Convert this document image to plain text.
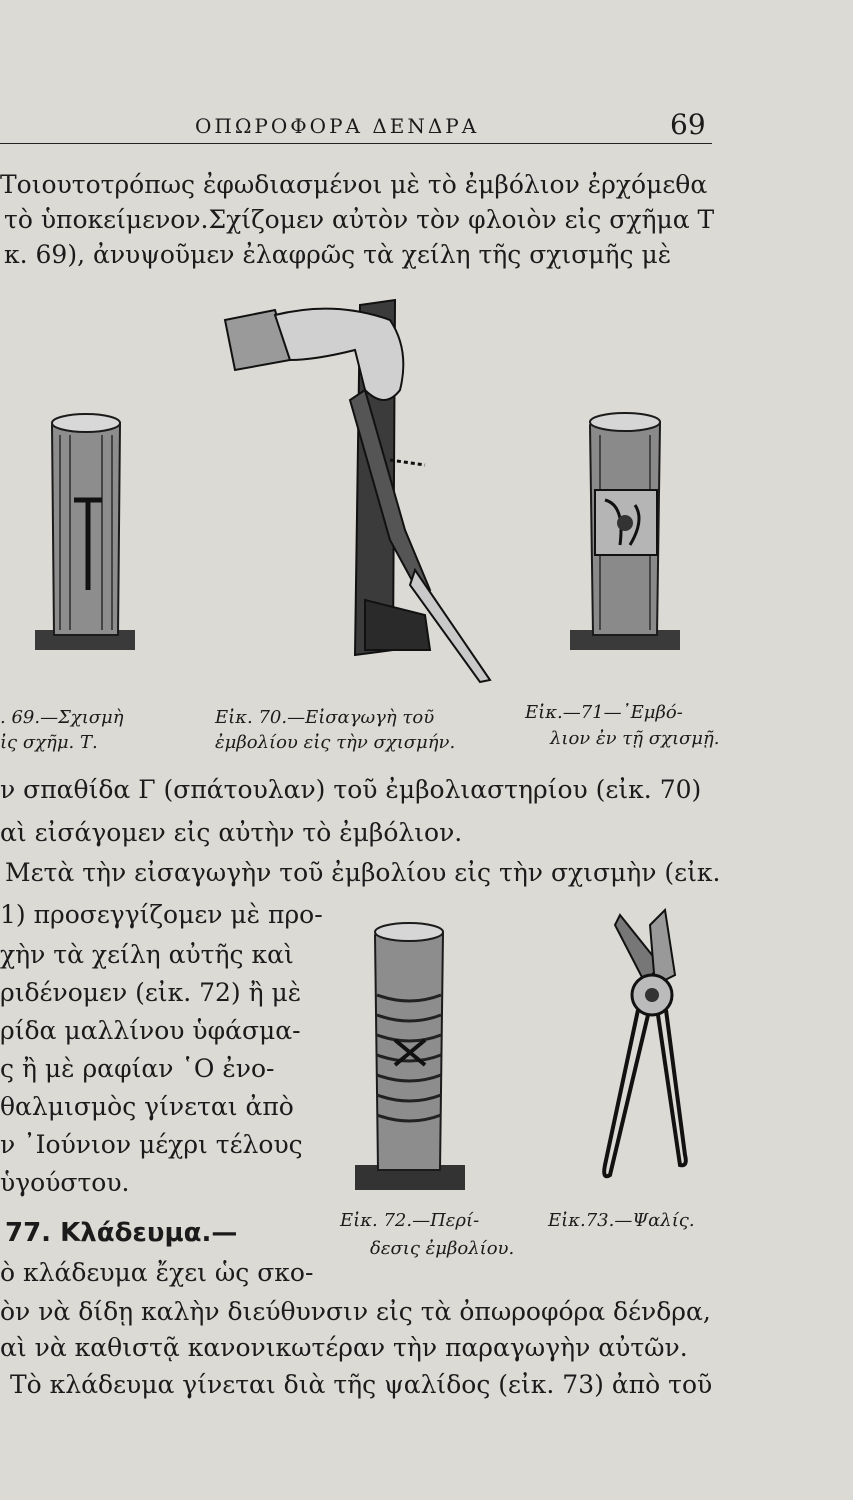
ΟΠΩΡΟΦΟΡΑ ΔΕΝΔΡΑ	69
Τοιουτοτρόπως ἐφωδιασμένοι μὲ τὸ ἐμβόλιον ἐρχόμεθα
τὸ ὑποκείμενον.Σχίζομεν αὐτὸν τὸν φλοιὸν εἰς σχῆμα Τ
κ. 69), ἀνυψοῦμεν ἐλαφρῶς τὰ χείλη τῆς σχισμῆς μὲ
. 69.—Σχισμὴ
ἰς σχῆμ. Τ.
Εἰκ. 70.—Εἰσαγωγὴ τοῦ
ἐμβολίου εἰς τὴν σχισμήν.
Εἰκ.—71—᾿Εμβό-
λιον ἐν τῇ σχισμῇ.
ν σπαθίδα Γ (σπάτουλαν) τοῦ ἐμβολιαστηρίου (εἰκ. 70)
αὶ εἰσάγομεν εἰς αὐτὴν τὸ ἐμβόλιον.
Μετὰ τὴν εἰσαγωγὴν τοῦ ἐμβολίου εἰς τὴν σχισμὴν (εἰκ.
1) προσεγγίζομεν μὲ προ-
χὴν τὰ χείλη αὐτῆς καὶ
ριδένομεν (εἰκ. 72) ἢ μὲ
ρίδα μαλλίνου ὑφάσμα-
ς ἢ μὲ ραφίαν ῾Ο ἐνο-
θαλμισμὸς γίνεται ἀπὸ
ν ᾿Ιούνιον μέχρι τέλους
ὑγούστου.
Εἰκ. 72.—Περί-
δεσις ἐμβολίου.
Εἰκ.73.—Ψαλίς.
77. Κλάδευμα.—
ὸ κλάδευμα ἔχει ὡς σκο-
ὸν νὰ δίδῃ καλὴν διεύθυνσιν εἰς τὰ ὀπωροφόρα δένδρα,
αὶ νὰ καθιστᾷ κανονικωτέραν τὴν παραγωγὴν αὐτῶν.
Τὸ κλάδευμα γίνεται διὰ τῆς ψαλίδος (εἰκ. 73) ἀπὸ τοῦ
